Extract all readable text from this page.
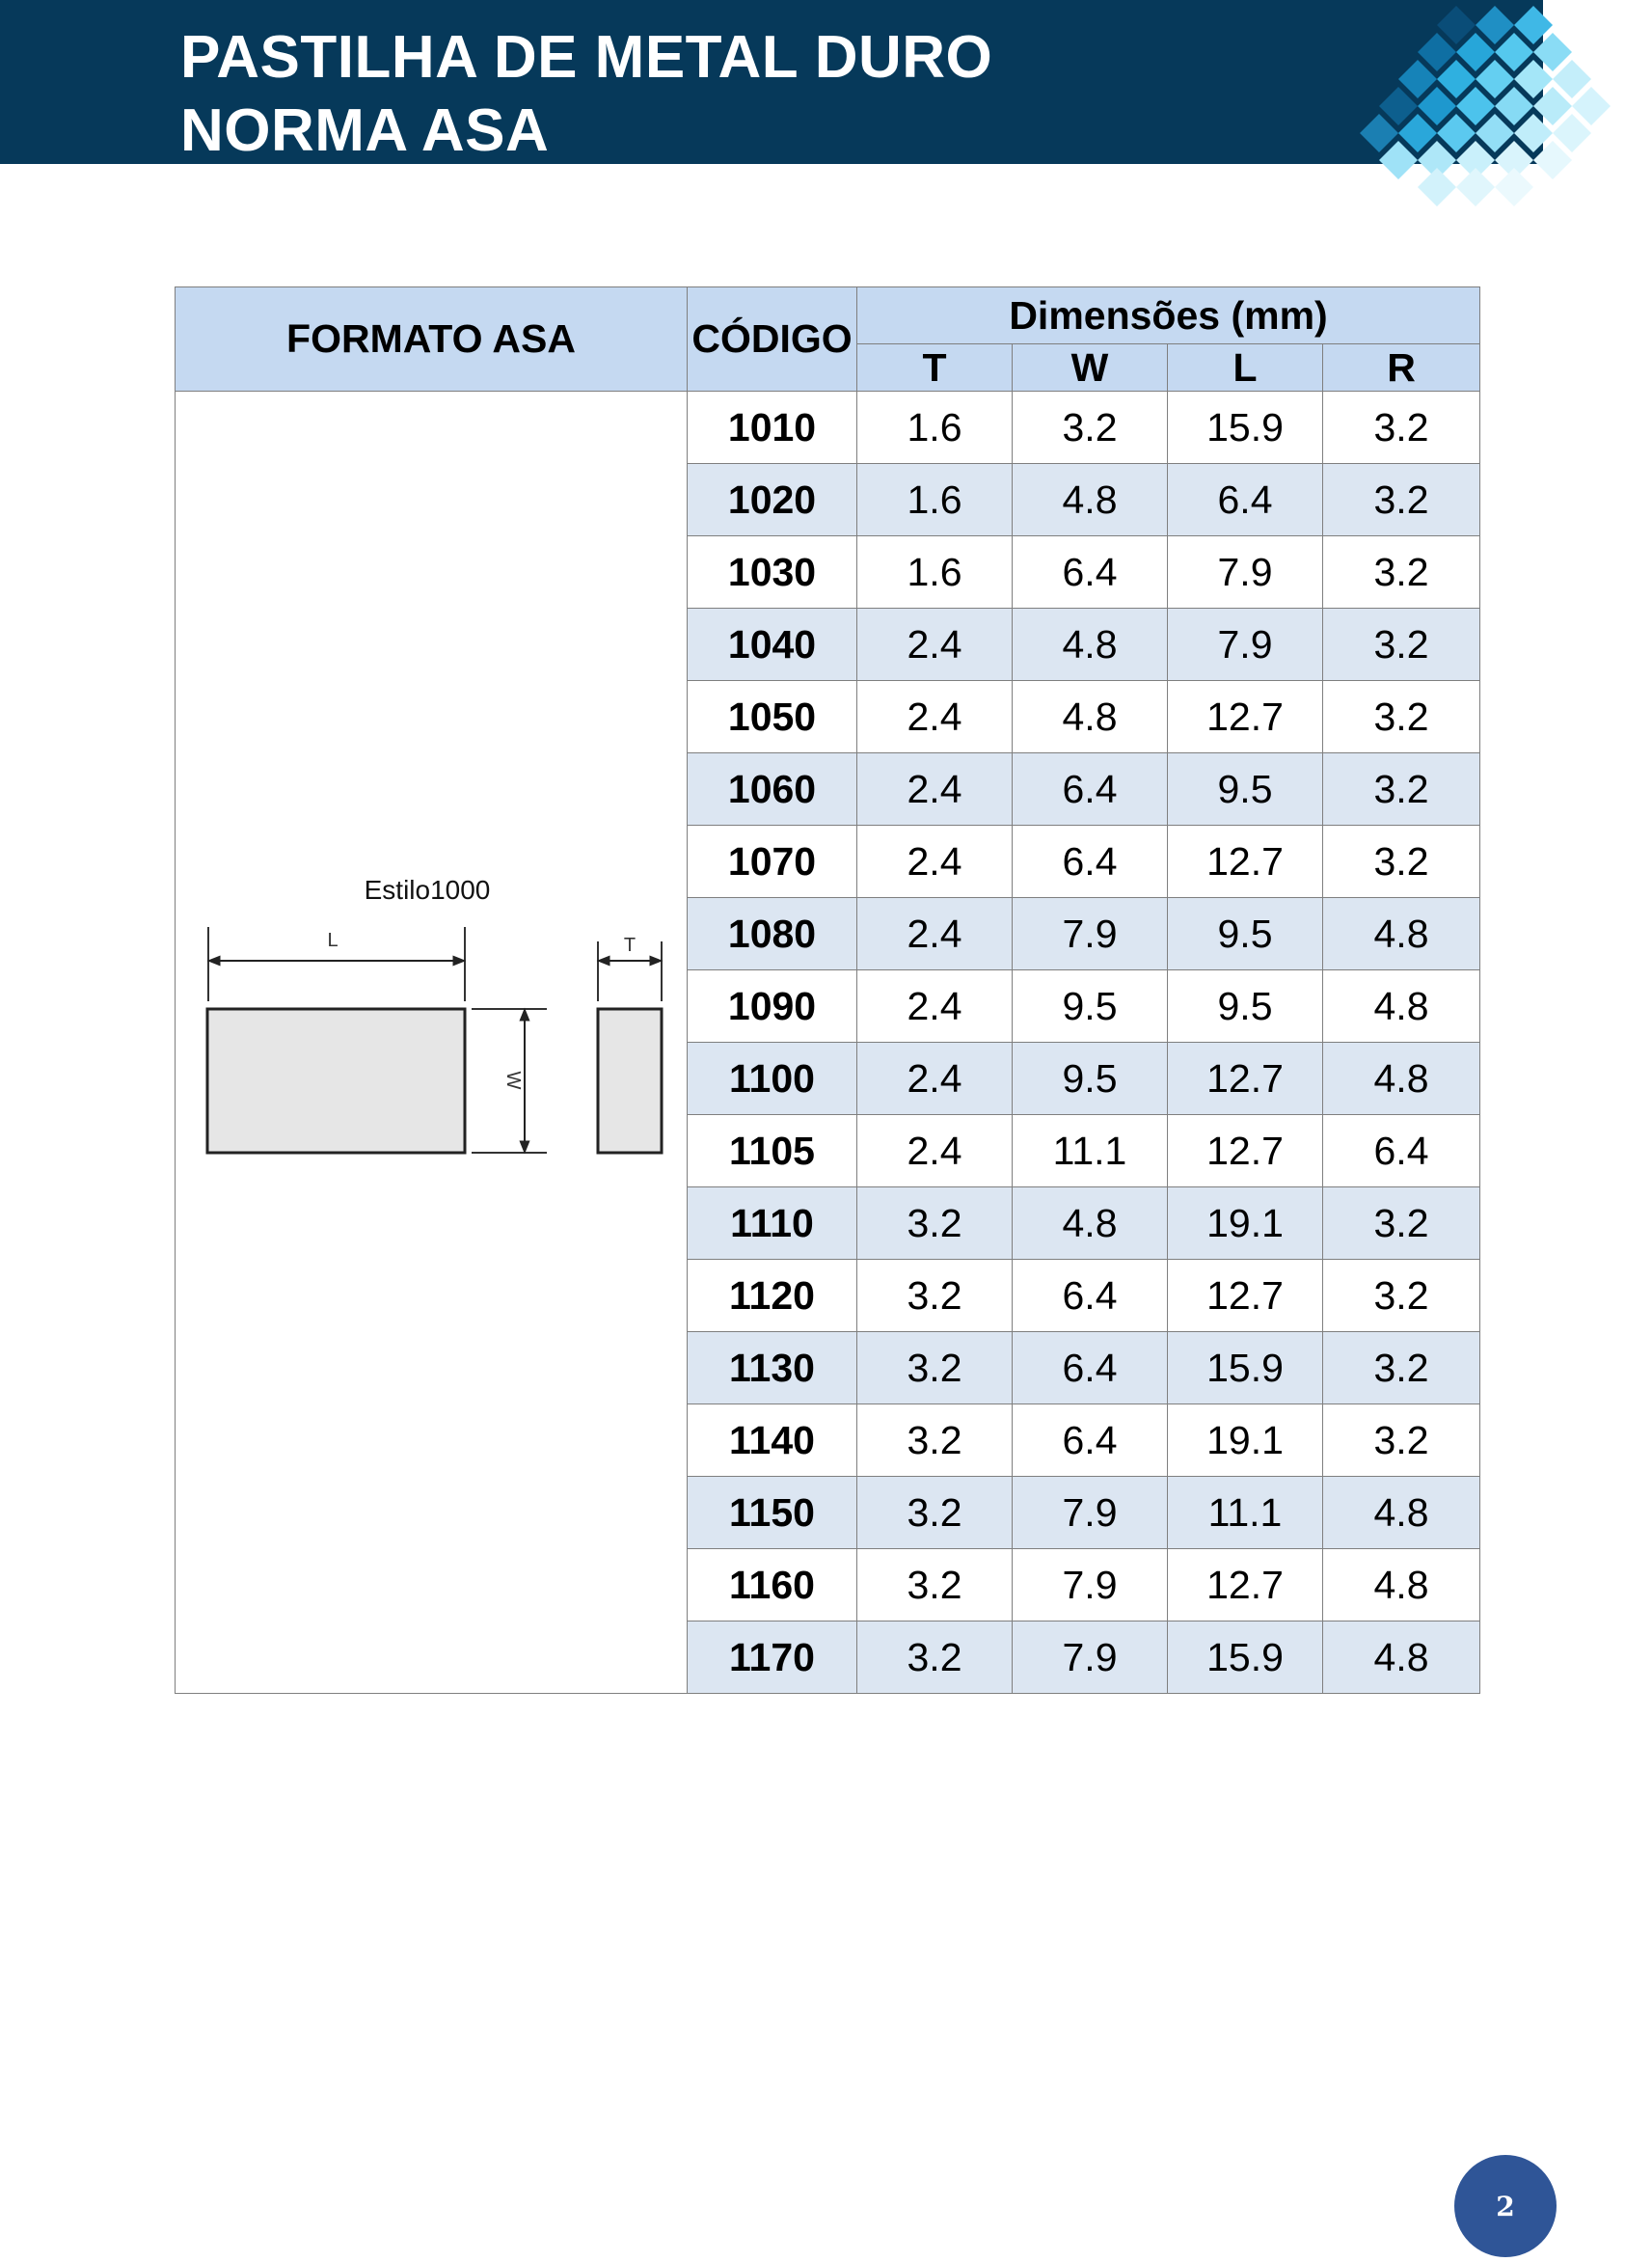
PASTILHA DE METAL DURO
NORMA ASA
FORMATO ASA	CÓDIGO	Dimensões (mm)			
		T	W	L	R

Estilo1000
L
W
T	1010	1.6	3.2	15.9	3.2
	1020	1.6	4.8	6.4	3.2
	1030	1.6	6.4	7.9	3.2
	1040	2.4	4.8	7.9	3.2
	1050	2.4	4.8	12.7	3.2
	1060	2.4	6.4	9.5	3.2
	1070	2.4	6.4	12.7	3.2
	1080	2.4	7.9	9.5	4.8
	1090	2.4	9.5	9.5	4.8
	1100	2.4	9.5	12.7	4.8
	1105	2.4	11.1	12.7	6.4
	1110	3.2	4.8	19.1	3.2
	1120	3.2	6.4	12.7	3.2
	1130	3.2	6.4	15.9	3.2
	1140	3.2	6.4	19.1	3.2
	1150	3.2	7.9	11.1	4.8
	1160	3.2	7.9	12.7	4.8
	1170	3.2	7.9	15.9	4.8
2
